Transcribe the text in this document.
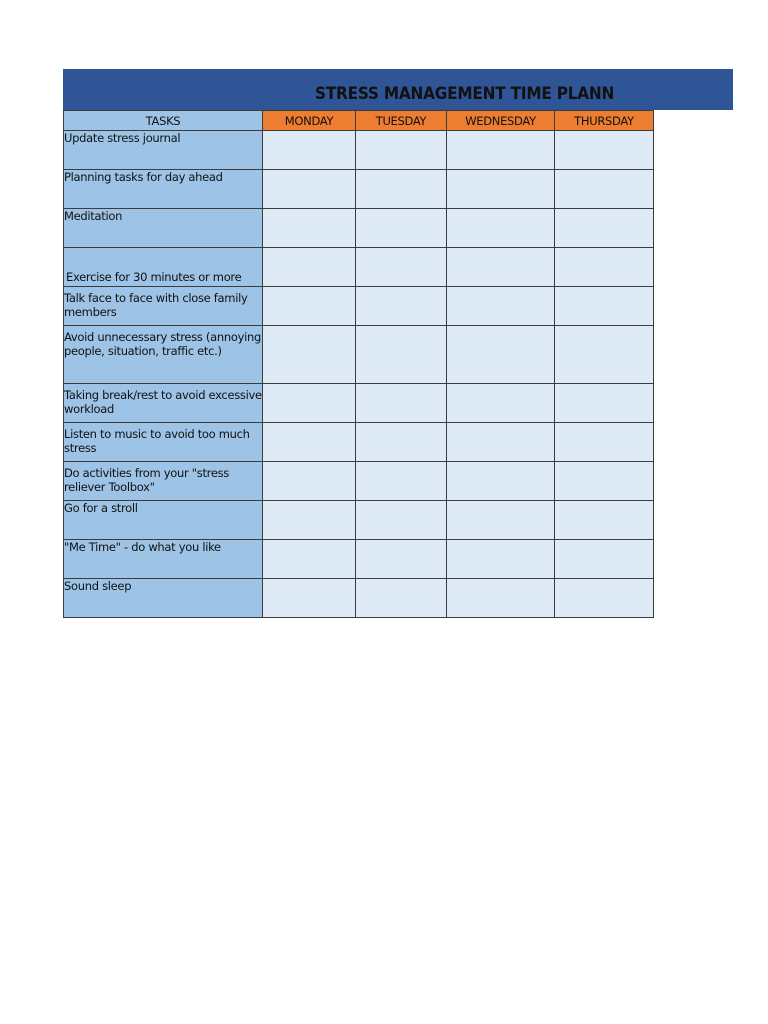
STRESS MANAGEMENT TIME PLANN
TASKS	MONDAY	TUESDAY	WEDNESDAY	THURSDAY
Update stress journal				
Planning tasks for day ahead				
Meditation				
Exercise for 30 minutes or more				
Talk face to face with close family members				
Avoid unnecessary stress (annoying people, situation, traffic etc.)				
Taking break/rest to avoid excessive workload				
Listen to music to avoid too much stress				
Do activities from your "stress reliever Toolbox"				
Go for a stroll				
"Me Time" - do what you like				
Sound sleep				
